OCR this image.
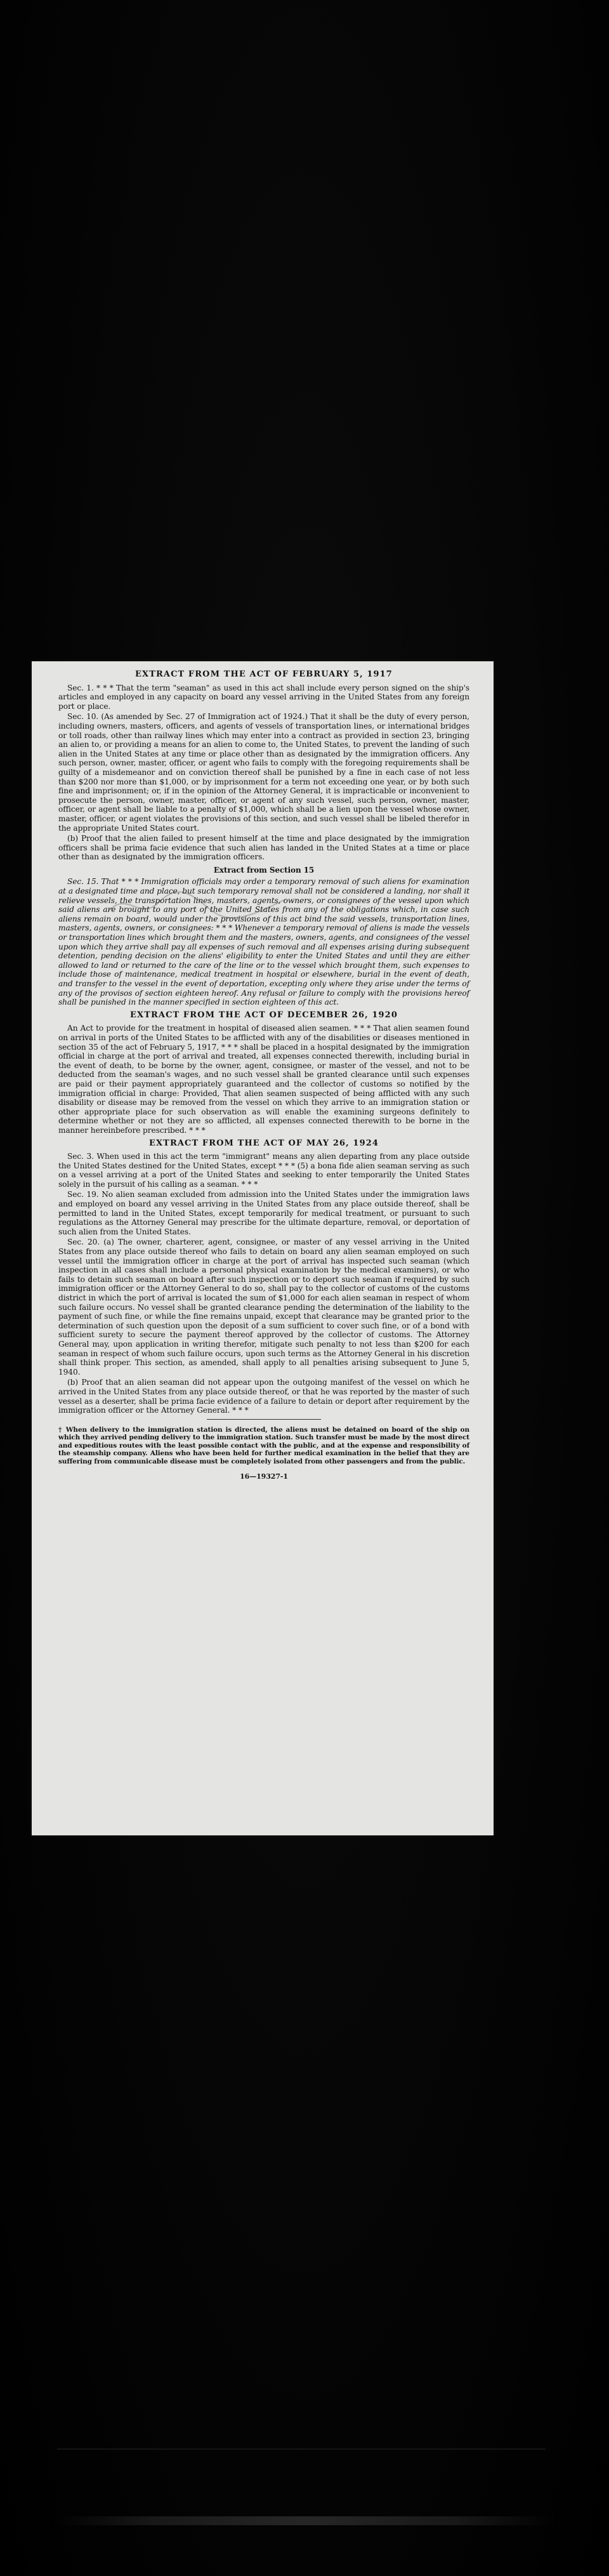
EXTRACT FROM THE ACT OF FEBRUARY 5, 1917

Sec. 1. * * * That the term "seaman" as used in this act shall include every person signed on the ship's articles and employed in any capacity on board any vessel arriving in the United States from any foreign port or place.

Sec. 10. (As amended by Sec. 27 of Immigration act of 1924.) That it shall be the duty of every person, including owners, masters, officers, and agents of vessels of transportation lines, or international bridges or toll roads, other than railway lines which may enter into a contract as provided in section 23, bringing an alien to, or providing a means for an alien to come to, the United States, to prevent the landing of such alien in the United States at any time or place other than as designated by the immigration officers. Any such person, owner, master, officer, or agent who fails to comply with the foregoing requirements shall be guilty of a misdemeanor and on conviction thereof shall be punished by a fine in each case of not less than $200 nor more than $1,000, or by imprisonment for a term not exceeding one year, or by both such fine and imprisonment; or, if in the opinion of the Attorney General, it is impracticable or inconvenient to prosecute the person, owner, master, officer, or agent of any such vessel, such person, owner, master, officer, or agent shall be liable to a penalty of $1,000, which shall be a lien upon the vessel whose owner, master, officer, or agent violates the provisions of this section, and such vessel shall be libeled therefor in the appropriate United States court.

(b) Proof that the alien failed to present himself at the time and place designated by the immigration officers shall be prima facie evidence that such alien has landed in the United States at a time or place other than as designated by the immigration officers.

Extract from Section 15

Sec. 15. That * * * Immigration officials may order a temporary removal of such aliens for examination at a designated time and place, but such temporary removal shall not be considered a landing, nor shall it relieve vessels, the transportation lines, masters, agents, owners, or consignees of the vessel upon which said aliens are brought to any port of the United States from any of the obligations which, in case such aliens remain on board, would under the provisions of this act bind the said vessels, transportation lines, masters, agents, owners, or consignees: * * * Whenever a temporary removal of aliens is made the vessels or transportation lines which brought them and the masters, owners, agents, and consignees of the vessel upon which they arrive shall pay all expenses of such removal and all expenses arising during subsequent detention, pending decision on the aliens' eligibility to enter the United States and until they are either allowed to land or returned to the care of the line or to the vessel which brought them, such expenses to include those of maintenance, medical treatment in hospital or elsewhere, burial in the event of death, and transfer to the vessel in the event of deportation, excepting only where they arise under the terms of any of the provisos of section eighteen hereof. Any refusal or failure to comply with the provisions hereof shall be punished in the manner specified in section eighteen of this act.

EXTRACT FROM THE ACT OF DECEMBER 26, 1920

An Act to provide for the treatment in hospital of diseased alien seamen. * * * That alien seamen found on arrival in ports of the United States to be afflicted with any of the disabilities or diseases mentioned in section 35 of the act of February 5, 1917, * * * shall be placed in a hospital designated by the immigration official in charge at the port of arrival and treated, all expenses connected therewith, including burial in the event of death, to be borne by the owner, agent, consignee, or master of the vessel, and not to be deducted from the seaman's wages, and no such vessel shall be granted clearance until such expenses are paid or their payment appropriately guaranteed and the collector of customs so notified by the immigration official in charge: Provided, That alien seamen suspected of being afflicted with any such disability or disease may be removed from the vessel on which they arrive to an immigration station or other appropriate place for such observation as will enable the examining surgeons definitely to determine whether or not they are so afflicted, all expenses connected therewith to be borne in the manner hereinbefore prescribed. * * *

EXTRACT FROM THE ACT OF MAY 26, 1924

Sec. 3. When used in this act the term "immigrant" means any alien departing from any place outside the United States destined for the United States, except * * * (5) a bona fide alien seaman serving as such on a vessel arriving at a port of the United States and seeking to enter temporarily the United States solely in the pursuit of his calling as a seaman. * * *

Sec. 19. No alien seaman excluded from admission into the United States under the immigration laws and employed on board any vessel arriving in the United States from any place outside thereof, shall be permitted to land in the United States, except temporarily for medical treatment, or pursuant to such regulations as the Attorney General may prescribe for the ultimate departure, removal, or deportation of such alien from the United States.

Sec. 20. (a) The owner, charterer, agent, consignee, or master of any vessel arriving in the United States from any place outside thereof who fails to detain on board any alien seaman employed on such vessel until the immigration officer in charge at the port of arrival has inspected such seaman (which inspection in all cases shall include a personal physical examination by the medical examiners), or who fails to detain such seaman on board after such inspection or to deport such seaman if required by such immigration officer or the Attorney General to do so, shall pay to the collector of customs of the customs district in which the port of arrival is located the sum of $1,000 for each alien seaman in respect of whom such failure occurs. No vessel shall be granted clearance pending the determination of the liability to the payment of such fine, or while the fine remains unpaid, except that clearance may be granted prior to the determination of such question upon the deposit of a sum sufficient to cover such fine, or of a bond with sufficient surety to secure the payment thereof approved by the collector of customs. The Attorney General may, upon application in writing therefor, mitigate such penalty to not less than $200 for each seaman in respect of whom such failure occurs, upon such terms as the Attorney General in his discretion shall think proper. This section, as amended, shall apply to all penalties arising subsequent to June 5, 1940.

(b) Proof that an alien seaman did not appear upon the outgoing manifest of the vessel on which he arrived in the United States from any place outside thereof, or that he was reported by the master of such vessel as a deserter, shall be prima facie evidence of a failure to detain or deport after requirement by the immigration officer or the Attorney General. * * *

† When delivery to the immigration station is directed, the aliens must be detained on board of the ship on which they arrived pending delivery to the immigration station. Such transfer must be made by the most direct and expeditious routes with the least possible contact with the public, and at the expense and responsibility of the steamship company. Aliens who have been held for further medical examination in the belief that they are suffering from communicable disease must be completely isolated from other passengers and from the public.

16—19327-1
